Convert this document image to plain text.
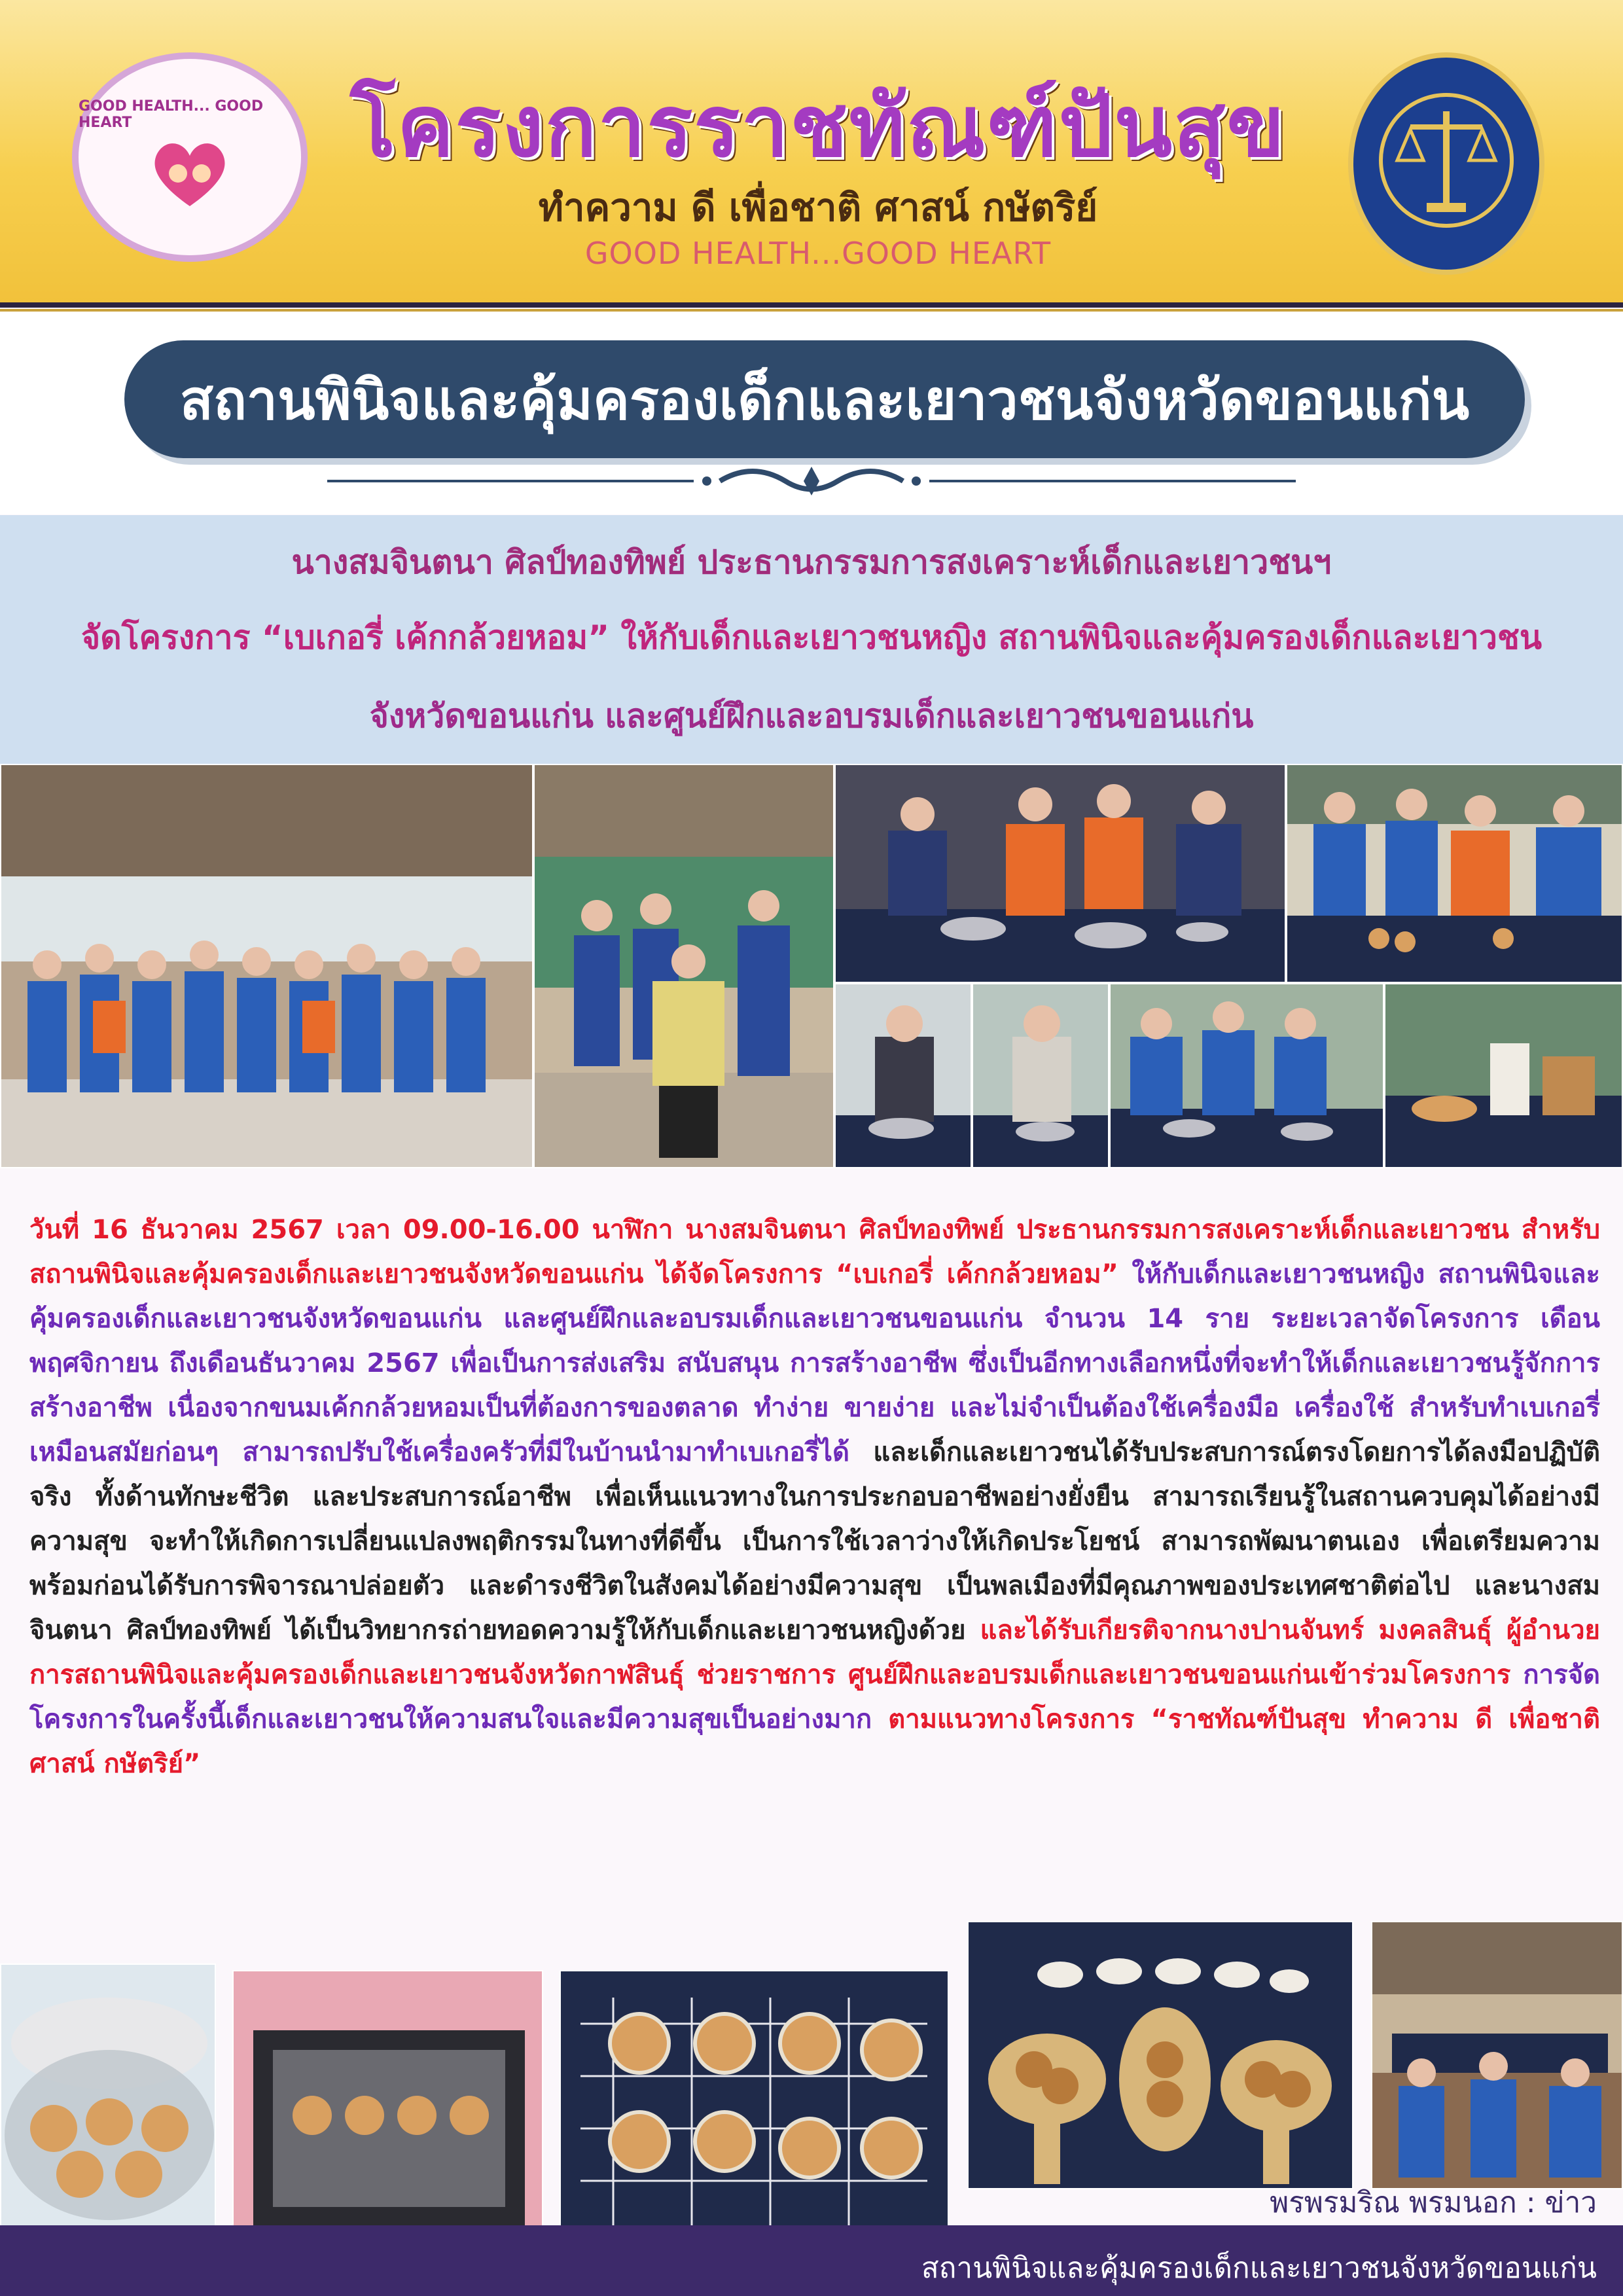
GOOD HEALTH... GOOD HEART	โครงการราชทัณฑ์ปันสุข
ทำความ ดี เพื่อชาติ ศาสน์ กษัตริย์
GOOD HEALTH...GOOD HEART
สถานพินิจและคุ้มครองเด็กและเยาวชนจังหวัดขอนแก่น
นางสมจินตนา ศิลป์ทองทิพย์ ประธานกรรมการสงเคราะห์เด็กและเยาวชนฯ
จัดโครงการ “เบเกอรี่ เค้กกล้วยหอม” ให้กับเด็กและเยาวชนหญิง สถานพินิจและคุ้มครองเด็กและเยาวชน
จังหวัดขอนแก่น และศูนย์ฝึกและอบรมเด็กและเยาวชนขอนแก่น
วันที่ 16 ธันวาคม 2567 เวลา 09.00-16.00 นาฬิกา นางสมจินตนา ศิลป์ทองทิพย์ ประธานกรรมการสงเคราะห์เด็กและเยาวชน สำหรับสถานพินิจและคุ้มครองเด็กและเยาวชนจังหวัดขอนแก่น ได้จัดโครงการ “เบเกอรี่ เค้กกล้วยหอม” ให้กับเด็กและเยาวชนหญิง สถานพินิจและคุ้มครองเด็กและเยาวชนจังหวัดขอนแก่น และศูนย์ฝึกและอบรมเด็กและเยาวชนขอนแก่น จำนวน 14 ราย ระยะเวลาจัดโครงการ เดือนพฤศจิกายน ถึงเดือนธันวาคม 2567 เพื่อเป็นการส่งเสริม สนับสนุน การสร้างอาชีพ ซึ่งเป็นอีกทางเลือกหนึ่งที่จะทำให้เด็กและเยาวชนรู้จักการสร้างอาชีพ เนื่องจากขนมเค้กกล้วยหอมเป็นที่ต้องการของตลาด ทำง่าย ขายง่าย และไม่จำเป็นต้องใช้เครื่องมือ เครื่องใช้ สำหรับทำเบเกอรี่เหมือนสมัยก่อนๆ สามารถปรับใช้เครื่องครัวที่มีในบ้านนำมาทำเบเกอรี่ได้ และเด็กและเยาวชนได้รับประสบการณ์ตรงโดยการได้ลงมือปฏิบัติจริง ทั้งด้านทักษะชีวิต และประสบการณ์อาชีพ เพื่อเห็นแนวทางในการประกอบอาชีพอย่างยั่งยืน สามารถเรียนรู้ในสถานควบคุมได้อย่างมีความสุข จะทำให้เกิดการเปลี่ยนแปลงพฤติกรรมในทางที่ดีขึ้น เป็นการใช้เวลาว่างให้เกิดประโยชน์ สามารถพัฒนาตนเอง เพื่อเตรียมความพร้อมก่อนได้รับการพิจารณาปล่อยตัว และดำรงชีวิตในสังคมได้อย่างมีความสุข เป็นพลเมืองที่มีคุณภาพของประเทศชาติต่อไป และนางสมจินตนา ศิลป์ทองทิพย์ ได้เป็นวิทยากรถ่ายทอดความรู้ให้กับเด็กและเยาวชนหญิงด้วย และได้รับเกียรติจากนางปานจันทร์ มงคลสินธุ์ ผู้อำนวยการสถานพินิจและคุ้มครองเด็กและเยาวชนจังหวัดกาฬสินธุ์ ช่วยราชการ ศูนย์ฝึกและอบรมเด็กและเยาวชนขอนแก่นเข้าร่วมโครงการ การจัดโครงการในครั้งนี้เด็กและเยาวชนให้ความสนใจและมีความสุขเป็นอย่างมาก ตามแนวทางโครงการ “ราชทัณฑ์ปันสุข ทำความ ดี เพื่อชาติ ศาสน์ กษัตริย์”
พรพรมริณ พรมนอก : ข่าว
สถานพินิจและคุ้มครองเด็กและเยาวชนจังหวัดขอนแก่น
